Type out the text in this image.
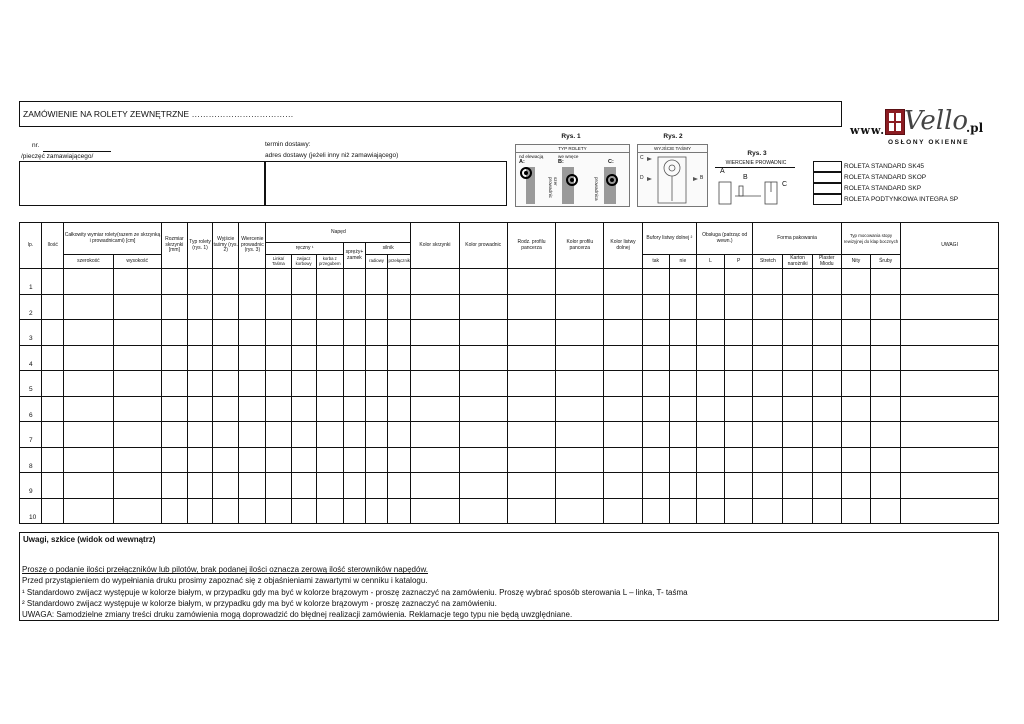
ZAMÓWIENIE NA ROLETY ZEWNĘTRZNE ………………………………
www. Vello
.pl
OSŁONY OKIENNE
nr.
/pieczęć zamawiającego/
termin dostawy:
adres dostawy (jeżeli inny niż zamawiającego)
Rys. 1
TYP ROLETY
nd elewacją
A:
we wnęce
B:	C:
szer prowadnic	prowadnica
Rys. 2
WYJŚCIE TAŚMY
C
D	B
Rys. 3
WIERCENIE PROWADNIC
A
B
C
ROLETA STANDARD SK45
ROLETA STANDARD SKOP
ROLETA STANDARD SKP
ROLETA PODTYNKOWA INTEGRA SP
lp.	Ilość	Całkowity wymiar rolety(razem ze skrzynką i prowadnicami) [cm]		Rozmiar skrzynki [mm]	Typ rolety (rys. 1)	Wyjście taśmy (rys. 2)	Wiercenie prowadnic (rys. 3)	Napęd						Kolor skrzynki	Kolor prowadnic	Rodz. profilu pancerza	Kolor profilu pancerza	Kolor listwy dolnej	Bufory listwy dolnej ²		Obsługa (patrząc od wewn.)		Forma pakowania			Typ mocowania stopy rewizyjnej do klap bocznych		UWAGI
								ręczny ¹			spręży+ zamek	silnik																
		szerokość	wysokość					Linka/ Taśma	zwijacz korbowy	korba z przegubem		radiowy	przełącznik						tak	nie	L	P	Stretch	Karton narożniki	Plaster Miodu	Nity	Śruby	
1																												
2																												
3																												
4																												
5																												
6																												
7																												
8																												
9																												
10																												
Uwagi, szkice (widok od wewnątrz)
Proszę o podanie ilości przełączników lub pilotów, brak podanej ilości oznacza zerową ilość sterowników napędów.
Przed przystąpieniem do wypełniania druku prosimy zapoznać się z objaśnieniami zawartymi w cenniku i katalogu.
¹ Standardowo zwijacz występuje w kolorze białym, w przypadku gdy ma być w kolorze brązowym - proszę zaznaczyć na zamówieniu. Proszę wybrać sposób sterowania L – linka, T- taśma
² Standardowo zwijacz występuje w kolorze białym, w przypadku gdy ma być w kolorze brązowym - proszę zaznaczyć na zamówieniu.
UWAGA: Samodzielne zmiany treści druku zamówienia mogą doprowadzić do błędnej realizacji zamówienia. Reklamacje tego typu nie będą uwzględniane.
